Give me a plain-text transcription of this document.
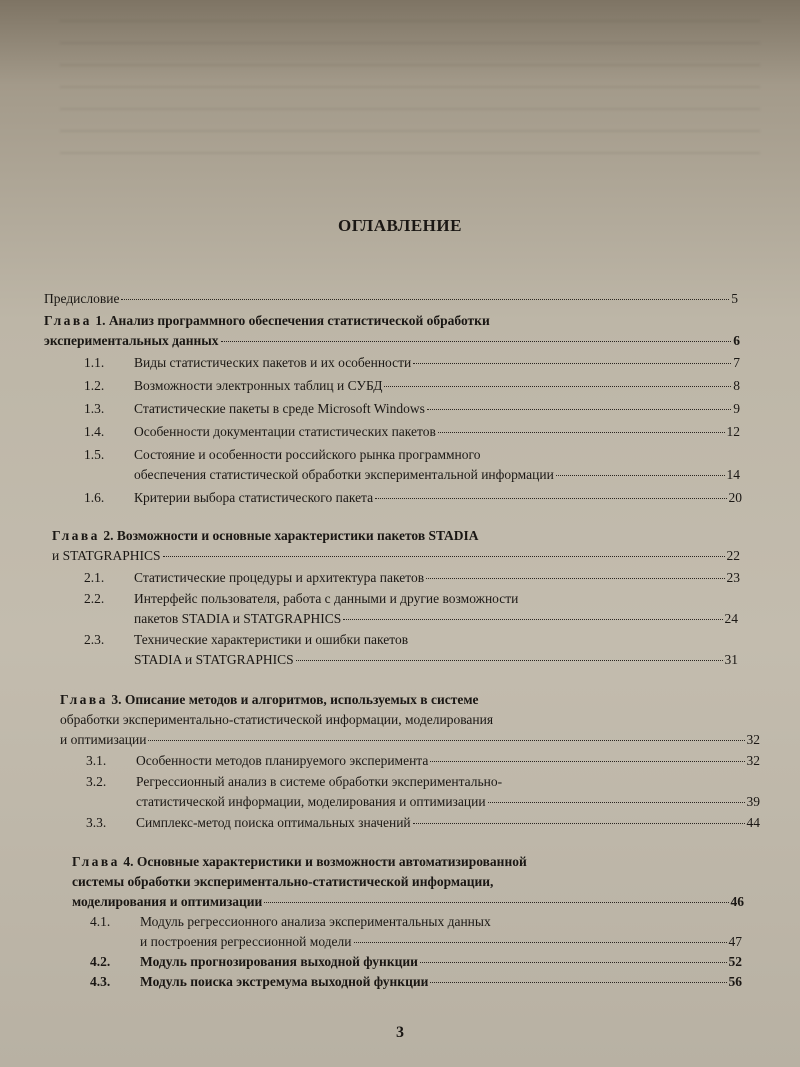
ОГЛАВЛЕНИЕ
Предисловие	5
Глава
1. Анализ программного обеспечения статистической обработки
экспериментальных данных	6
1.1.	Виды статистических пакетов и их особенности	7
1.2.	Возможности электронных таблиц и СУБД	8
1.3.	Статистические пакеты в среде Microsoft Windows	9
1.4.	Особенности документации статистических пакетов	12
1.5.	Состояние и особенности российского рынка программного
обеспечения статистической обработки экспериментальной информации	14
1.6.	Критерии выбора статистического пакета	20
Глава
2. Возможности и основные характеристики пакетов STADIA
и STATGRAPHICS	22
2.1.	Статистические процедуры и архитектура пакетов	23
2.2.	Интерфейс пользователя, работа с данными и другие возможности
пакетов STADIA и STATGRAPHICS	24
2.3.	Технические характеристики и ошибки пакетов
STADIA и STATGRAPHICS	31
Глава
3. Описание методов и алгоритмов, используемых в системе
обработки экспериментально-статистической информации, моделирования
и оптимизации	32
3.1.	Особенности методов планируемого эксперимента	32
3.2.	Регрессионный анализ в системе обработки экспериментально-
статистической информации, моделирования и оптимизации	39
3.3.	Симплекс-метод поиска оптимальных значений	44
Глава
4. Основные характеристики и возможности автоматизированной
системы обработки экспериментально-статистической информации,
моделирования и оптимизации	46
4.1.	Модуль регрессионного анализа экспериментальных данных
и построения регрессионной модели	47
4.2.	Модуль прогнозирования выходной функции	52
4.3.	Модуль поиска экстремума выходной функции	56
3
